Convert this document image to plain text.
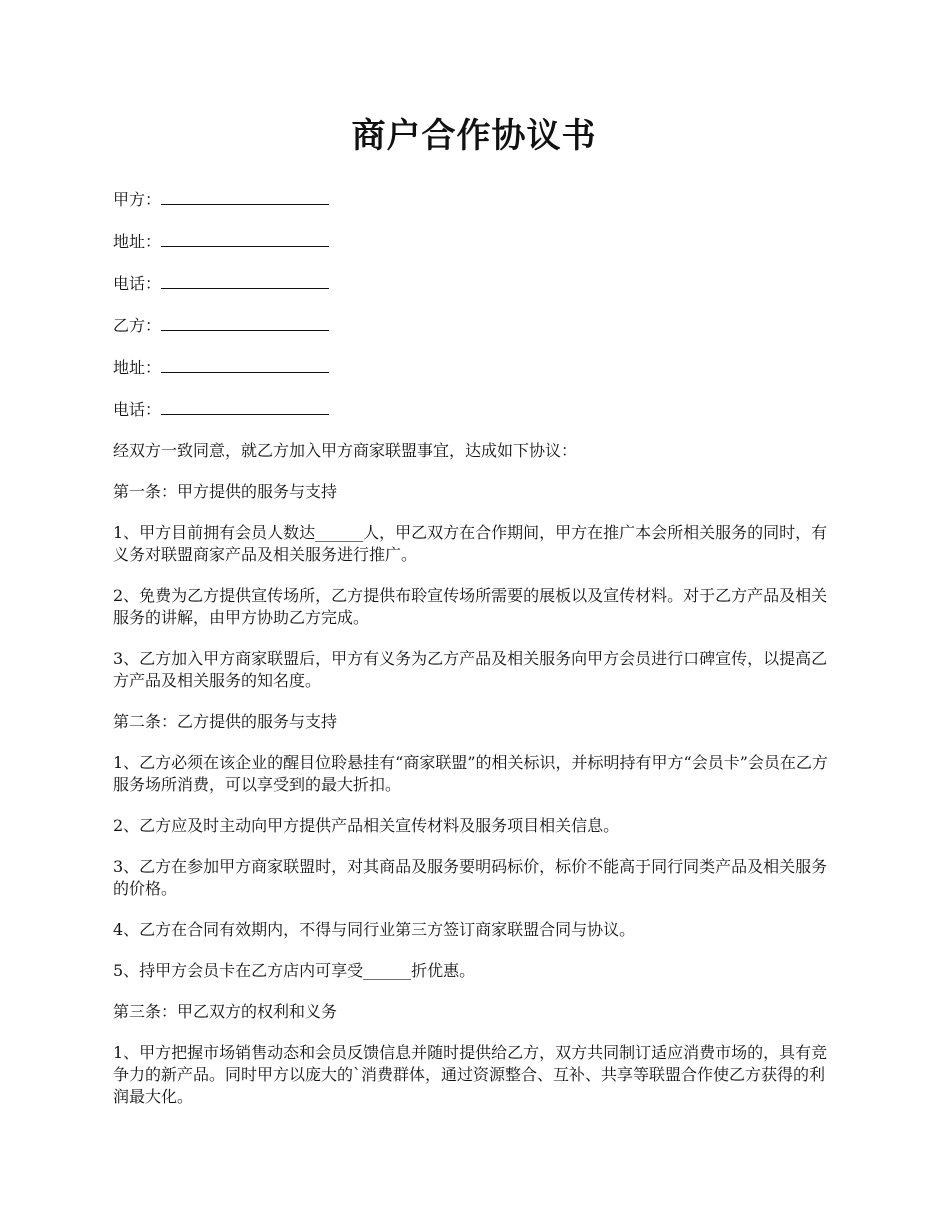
商户合作协议书
甲方：
地址：
电话：
乙方：
地址：
电话：
经双方一致同意，就乙方加入甲方商家联盟事宜，达成如下协议：
第一条：甲方提供的服务与支持
1、甲方目前拥有会员人数达______人，甲乙双方在合作期间，甲方在推广本会所相关服务的同时，有义务对联盟商家产品及相关服务进行推广。
2、免费为乙方提供宣传场所，乙方提供布聆宣传场所需要的展板以及宣传材料。对于乙方产品及相关服务的讲解，由甲方协助乙方完成。
3、乙方加入甲方商家联盟后，甲方有义务为乙方产品及相关服务向甲方会员进行口碑宣传，以提高乙方产品及相关服务的知名度。
第二条：乙方提供的服务与支持
1、乙方必须在该企业的醒目位聆悬挂有“商家联盟”的相关标识，并标明持有甲方“会员卡”会员在乙方服务场所消费，可以享受到的最大折扣。
2、乙方应及时主动向甲方提供产品相关宣传材料及服务项目相关信息。
3、乙方在参加甲方商家联盟时，对其商品及服务要明码标价，标价不能高于同行同类产品及相关服务的价格。
4、乙方在合同有效期内，不得与同行业第三方签订商家联盟合同与协议。
5、持甲方会员卡在乙方店内可享受______折优惠。
第三条：甲乙双方的权利和义务
1、甲方把握市场销售动态和会员反馈信息并随时提供给乙方，双方共同制订适应消费市场的，具有竞争力的新产品。同时甲方以庞大的`消费群体，通过资源整合、互补、共享等联盟合作使乙方获得的利润最大化。
